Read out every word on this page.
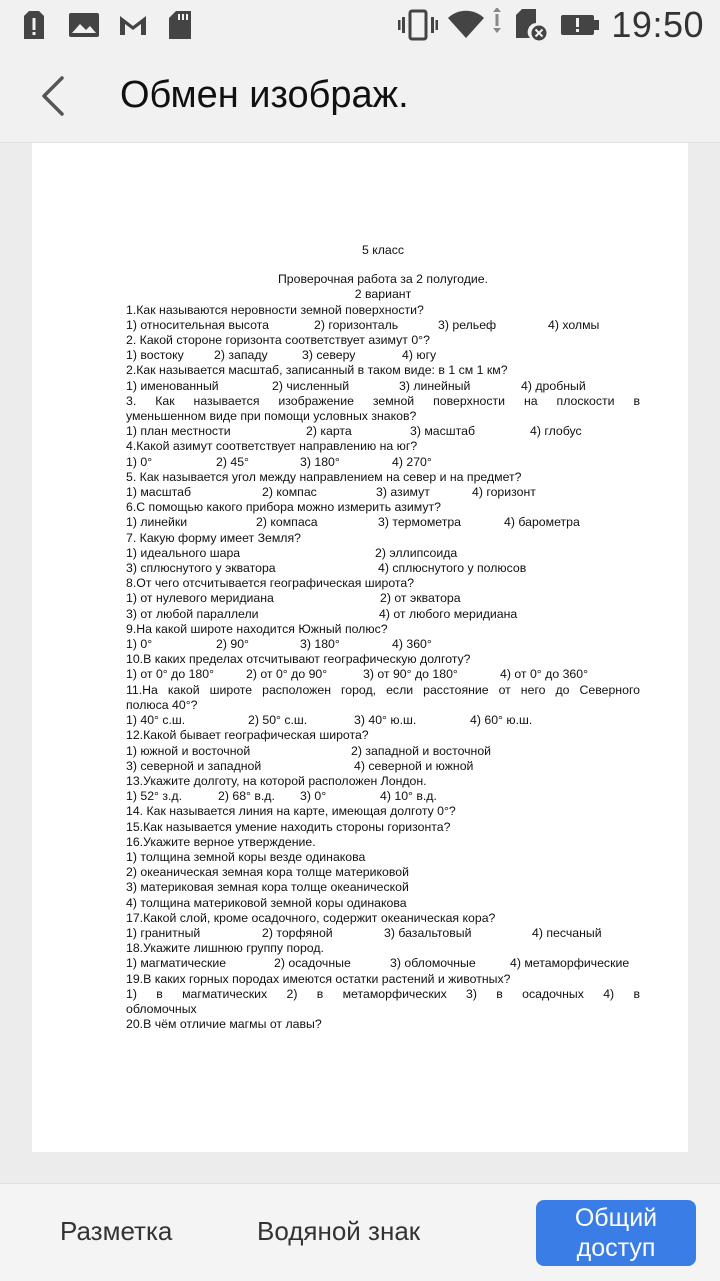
19:50
Обмен изображ.
5 класс
Проверочная работа за 2 полугодие.
2 вариант
1.Как называются неровности земной поверхности?
1) относительная высота	2) горизонталь	3) рельеф	4) холмы
2. Какой стороне горизонта соответствует азимут 0°?
1) востоку	2) западу	3) северу	4) югу
2.Как называется масштаб, записанный в таком виде: в 1 см 1 км?
1) именованный	2) численный	3) линейный	4) дробный
3. Как называется изображение земной поверхности на плоскости в
уменьшенном виде при помощи условных знаков?
1) план местности	2) карта	3) масштаб	4) глобус
4.Какой азимут соответствует направлению на юг?
1) 0°	2) 45°	3) 180°	4) 270°
5. Как называется угол между направлением на север и на предмет?
1) масштаб	2) компас	3) азимут	4) горизонт
6.С помощью какого прибора можно измерить азимут?
1) линейки	2) компаса	3) термометра	4) барометра
7. Какую форму имеет Земля?
1) идеального шара	2) эллипсоида
3) сплюснутого у экватора	4) сплюснутого у полюсов
8.От чего отсчитывается географическая широта?
1) от нулевого меридиана	2) от экватора
3) от любой параллели	4) от любого меридиана
9.На какой широте находится Южный полюс?
1) 0°	2) 90°	3) 180°	4) 360°
10.В каких пределах отсчитывают географическую долготу?
1) от 0° до 180°	2) от 0° до 90°	3) от 90° до 180°	4) от 0° до 360°
11.На какой широте расположен город, если расстояние от него до Северного
полюса 40°?
1) 40° с.ш.	2) 50° с.ш.	3) 40° ю.ш.	4) 60° ю.ш.
12.Какой бывает географическая широта?
1) южной и восточной	2) западной и восточной
3) северной и западной	4) северной и южной
13.Укажите долготу, на которой расположен Лондон.
1) 52° з.д.	2) 68° в.д.	3) 0°	4) 10° в.д.
14. Как называется линия на карте, имеющая долготу 0°?
15.Как называется умение находить стороны горизонта?
16.Укажите верное утверждение.
1) толщина земной коры везде одинакова
2) океаническая земная кора толще материковой
3) материковая земная кора толще океанической
4) толщина материковой земной коры одинакова
17.Какой слой, кроме осадочного, содержит океаническая кора?
1) гранитный	2) торфяной	3) базальтовый	4) песчаный
18.Укажите лишнюю группу пород.
1) магматические	2) осадочные	3) обломочные	4) метаморфические
19.В каких горных породах имеются остатки растений и животных?
1) в магматических 2) в метаморфических 3) в осадочных 4) в
обломочных
20.В чём отличие магмы от лавы?
Разметка	Водяной знак	Общий доступ
